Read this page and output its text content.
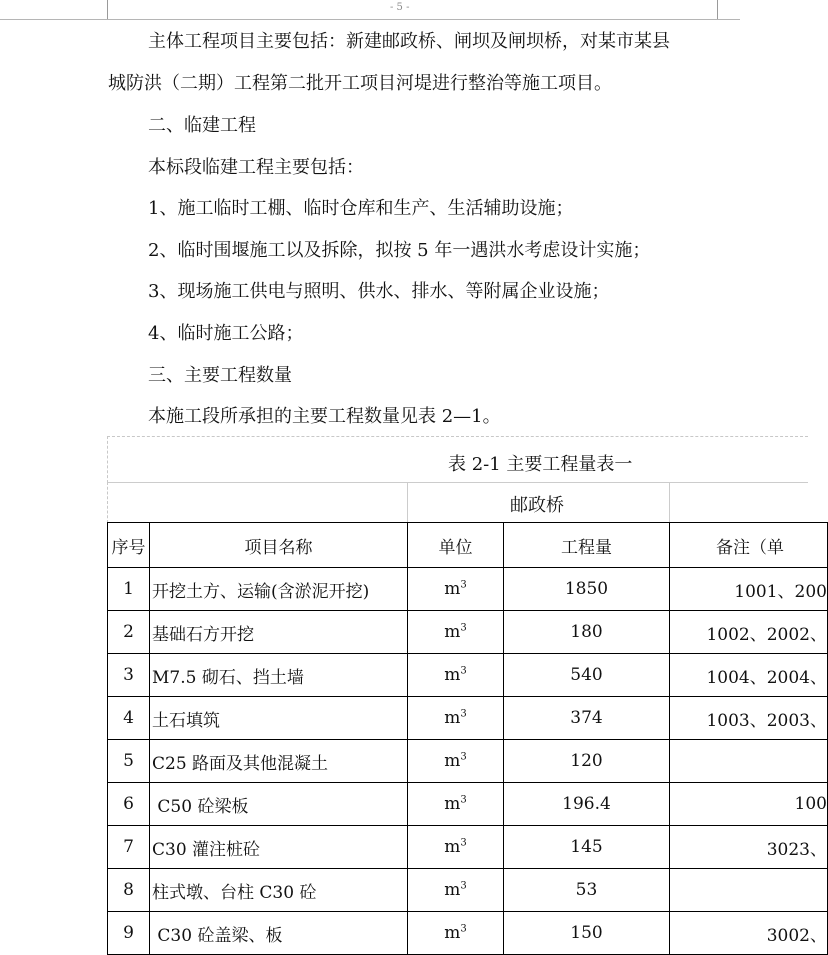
- 5 -

主体工程项目主要包括：新建邮政桥、闸坝及闸坝桥，对某市某县

城防洪（二期）工程第二批开工项目河堤进行整治等施工项目。

二、临建工程

本标段临建工程主要包括：

1、施工临时工棚、临时仓库和生产、生活辅助设施；

2、临时围堰施工以及拆除，拟按 5 年一遇洪水考虑设计实施；

3、现场施工供电与照明、供水、排水、等附属企业设施；

4、临时施工公路；

三、主要工程数量

本施工段所承担的主要工程数量见表 2—1。

表 2-1 主要工程量表一
邮政桥
序号	项目名称	单位	工程量	备注（单
1	开挖土方、运输(含淤泥开挖)	$m^3$	1850	1001、200
2	基础石方开挖	$m^3$	180	1002、2002、
3	M7.5 砌石、挡土墙	$m^3$	540	1004、2004、
4	土石填筑	$m^3$	374	1003、2003、
5	C25 路面及其他混凝土	$m^3$	120	
6	C50 砼梁板	$m^3$	196.4	100
7	C30 灌注桩砼	$m^3$	145	3023、
8	柱式墩、台柱 C30 砼	$m^3$	53	
9	C30 砼盖梁、板	$m^3$	150	3002、
